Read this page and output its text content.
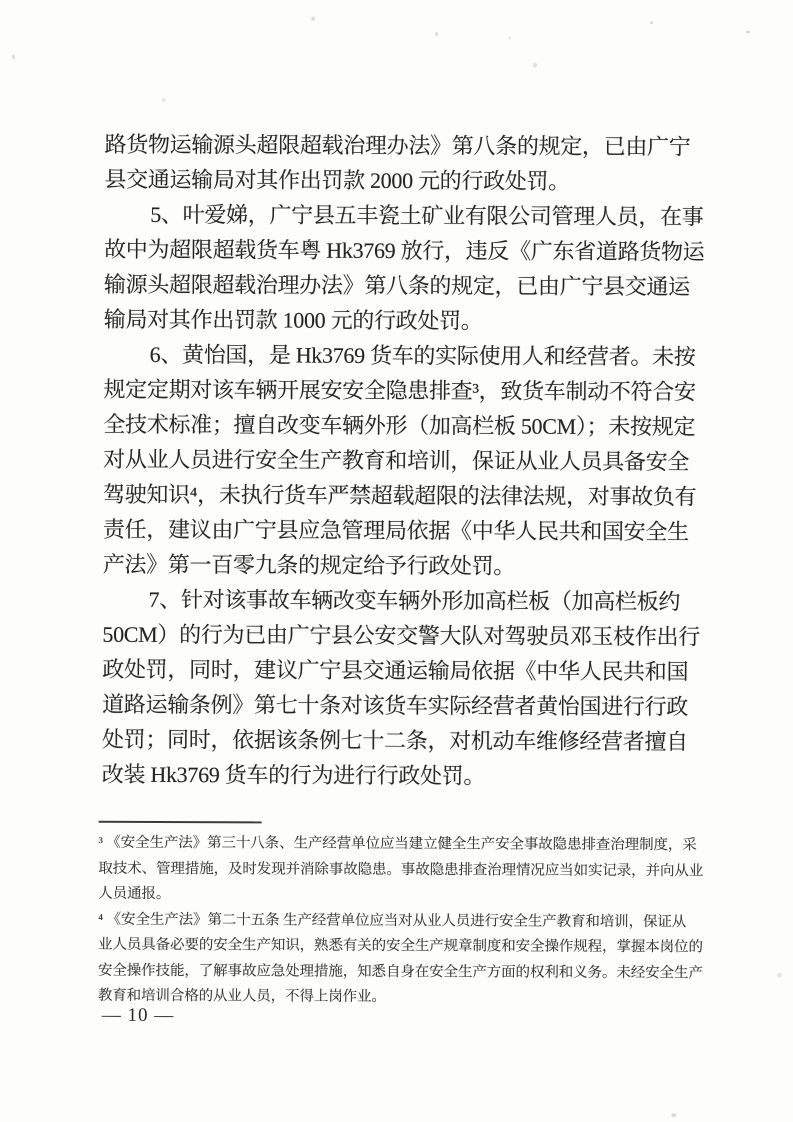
路货物运输源头超限超载治理办法》第八条的规定，已由广宁
县交通运输局对其作出罚款 2000 元的行政处罚。
5、叶爱娣，广宁县五丰瓷土矿业有限公司管理人员，在事
故中为超限超载货车粤 Hk3769 放行，违反《广东省道路货物运
输源头超限超载治理办法》第八条的规定，已由广宁县交通运
输局对其作出罚款 1000 元的行政处罚。
6、黄怡国，是 Hk3769 货车的实际使用人和经营者。未按
规定定期对该车辆开展安安全隐患排查³，致货车制动不符合安
全技术标准；擅自改变车辆外形（加高栏板 50CM）；未按规定
对从业人员进行安全生产教育和培训，保证从业人员具备安全
驾驶知识⁴，未执行货车严禁超载超限的法律法规，对事故负有
责任，建议由广宁县应急管理局依据《中华人民共和国安全生
产法》第一百零九条的规定给予行政处罚。
7、针对该事故车辆改变车辆外形加高栏板（加高栏板约
50CM）的行为已由广宁县公安交警大队对驾驶员邓玉枝作出行
政处罚，同时，建议广宁县交通运输局依据《中华人民共和国
道路运输条例》第七十条对该货车实际经营者黄怡国进行行政
处罚；同时，依据该条例七十二条，对机动车维修经营者擅自
改装 Hk3769 货车的行为进行行政处罚。
³ 《安全生产法》第三十八条、生产经营单位应当建立健全生产安全事故隐患排查治理制度，采
取技术、管理措施，及时发现并消除事故隐患。事故隐患排查治理情况应当如实记录，并向从业
人员通报。
⁴ 《安全生产法》第二十五条 生产经营单位应当对从业人员进行安全生产教育和培训，保证从
业人员具备必要的安全生产知识，熟悉有关的安全生产规章制度和安全操作规程，掌握本岗位的
安全操作技能，了解事故应急处理措施，知悉自身在安全生产方面的权利和义务。未经安全生产
教育和培训合格的从业人员，不得上岗作业。
— 10 —
